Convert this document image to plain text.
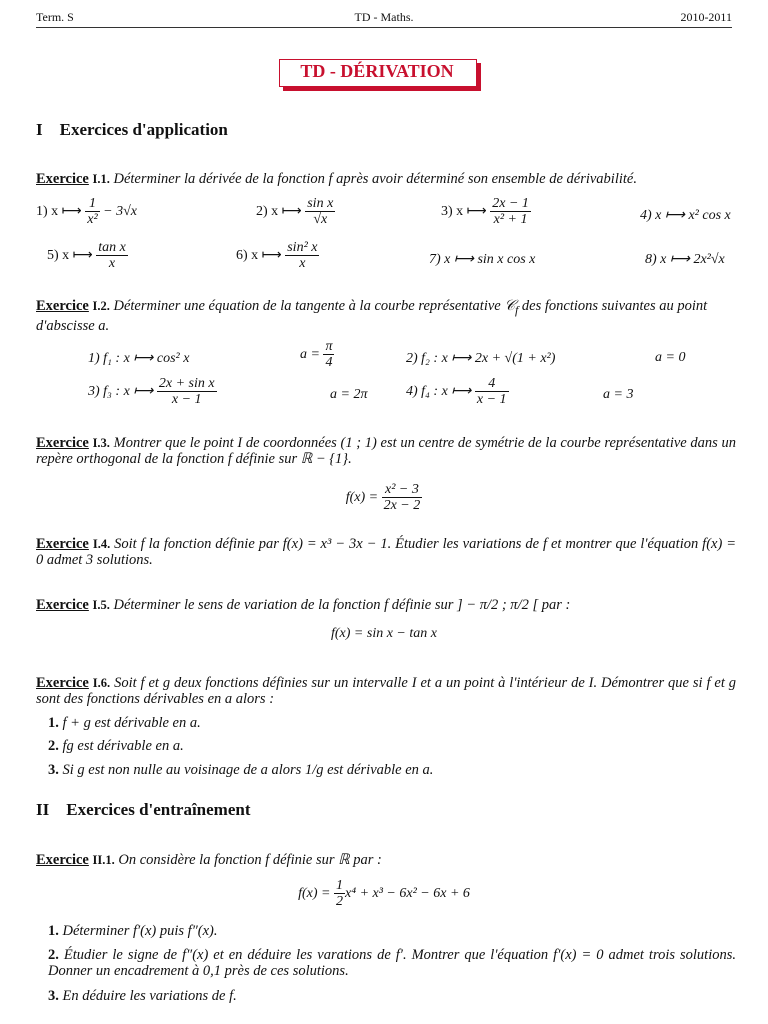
Term. S	TD - Maths.	2010-2011
TD - DÉRIVATION
I    Exercices d'application
Exercice I.1. Déterminer la dérivée de la fonction f après avoir déterminé son ensemble de dérivabilité.
1) x ⟼ $\frac{1}{\text{x²}} - 3√x$	2) x ⟼ $\frac{\text{sin x}}{√x}$	3) x ⟼ $\frac{2x - 1}{\text{x² + 1}}$	4) x ⟼ x² cos x
5) x ⟼ $\frac{\text{tan x}}{x}$	6) x ⟼ $\frac{\text{sin² x}}{x}$	7) x ⟼ sin x cos x	8) x ⟼ 2x²√x
Exercice I.2. Déterminer une équation de la tangente à la courbe représentative 𝒞$_f$ des fonctions suivantes au point d'abscisse a.
1) f₁ : x ⟼ cos² x	$a = \frac{\pi}{4}$	2) f₂ : x ⟼ 2x + √(1 + x²)	a = 0
3) f₃ : x ⟼ $\frac{\text{2x + sin x}}{x - 1}$	a = 2π	4) f₄ : x ⟼ $\frac{4}{x - 1}$	a = 3
Exercice I.3. Montrer que le point I de coordonnées (1 ; 1) est un centre de symétrie de la courbe représentative dans un repère orthogonal de la fonction f définie sur ℝ − {1}.
$f(x) = \frac{\text{x² − 3}}{2x - 2}$
Exercice I.4. Soit f la fonction définie par f(x) = x³ − 3x − 1. Étudier les variations de f et montrer que l'équation f(x) = 0 admet 3 solutions.
Exercice I.5. Déterminer le sens de variation de la fonction f définie sur ] − π/2 ; π/2 [ par :
f(x) = sin x − tan x
Exercice I.6. Soit f et g deux fonctions définies sur un intervalle I et a un point à l'intérieur de I. Démontrer que si f et g sont des fonctions dérivables en a alors :
1. f + g est dérivable en a.
2. fg est dérivable en a.
3. Si g est non nulle au voisinage de a alors 1/g est dérivable en a.
II    Exercices d'entraînement
Exercice II.1. On considère la fonction f définie sur ℝ par :
$f(x) = \frac{1}{2} x^4 + x^3 - 6x^2 - 6x + 6$
1. Déterminer f′(x) puis f″(x).
2. Étudier le signe de f″(x) et en déduire les varations de f′. Montrer que l'équation f′(x) = 0 admet trois solutions. Donner un encadrement à 0,1 près de ces solutions.
3. En déduire les variations de f.
